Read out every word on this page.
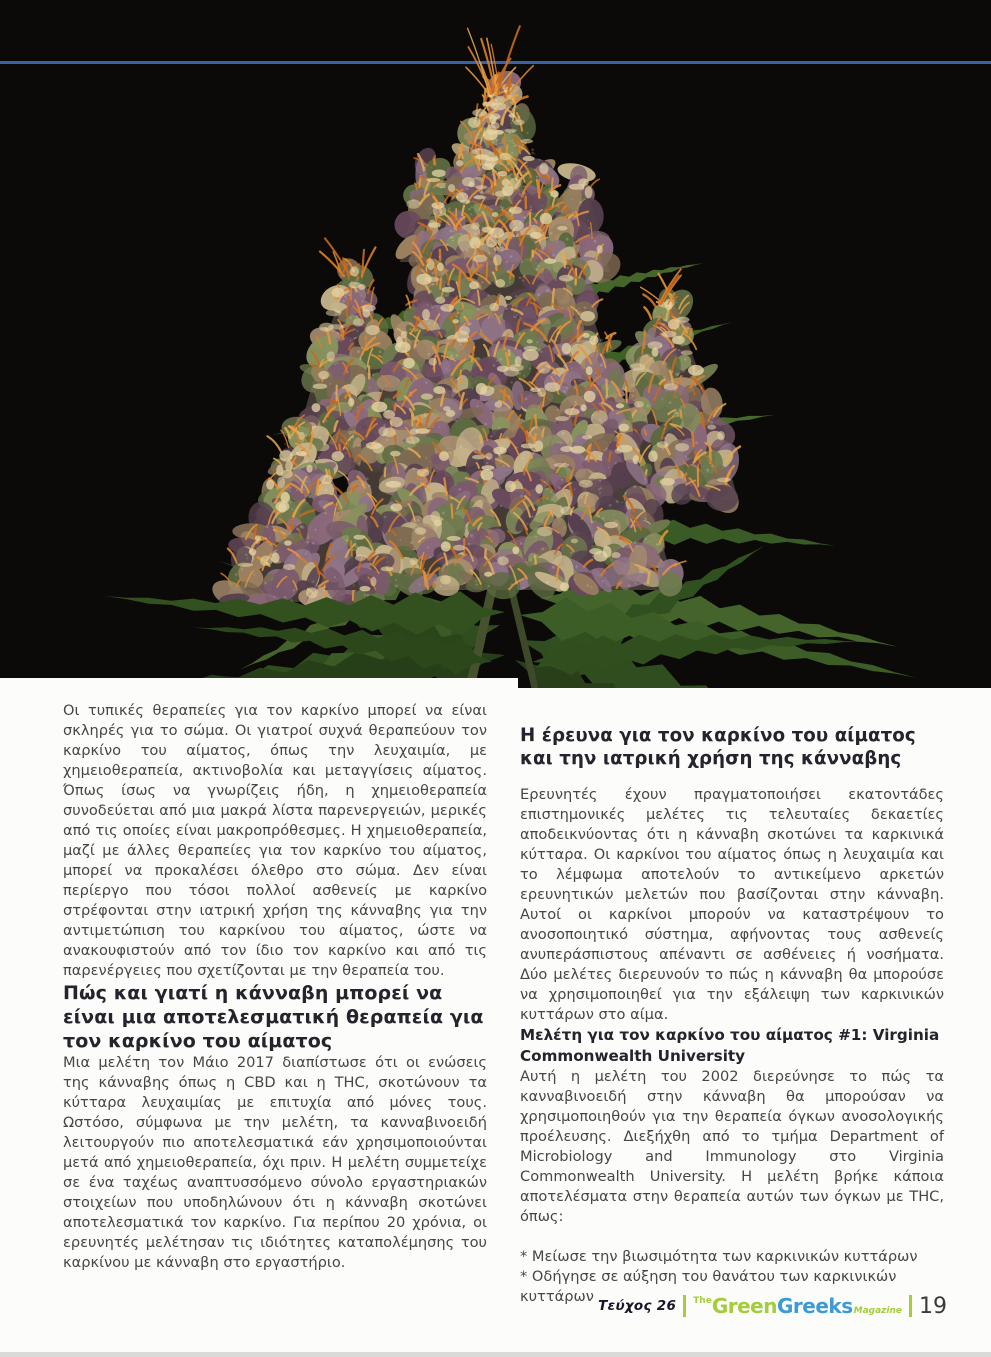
Οι τυπικές θεραπείες για τον καρκίνο μπορεί να είναι σκληρές για το σώμα. Οι γιατροί συχνά θεραπεύουν τον καρκίνο του αίματος, όπως την λευχαιμία, με χημειοθεραπεία, ακτινοβολία και μεταγγίσεις αίματος. Όπως ίσως να γνωρίζεις ήδη, η χημειοθεραπεία συνοδεύεται από μια μακρά λίστα παρενεργειών, μερικές από τις οποίες είναι μακροπρόθεσμες. Η χημειοθεραπεία, μαζί με άλλες θεραπείες για τον καρκίνο του αίματος, μπορεί να προκαλέσει όλεθρο στο σώμα. Δεν είναι περίεργο που τόσοι πολλοί ασθενείς με καρκίνο στρέφονται στην ιατρική χρήση της κάνναβης για την αντιμετώπιση του καρκίνου του αίματος, ώστε να ανακουφιστούν από τον ίδιο τον καρκίνο και από τις παρενέργειες που σχετίζονται με την θεραπεία του.

Πώς και γιατί η κάνναβη μπορεί να είναι μια αποτελεσματική θεραπεία για τον καρκίνο του αίματος

Μια μελέτη τον Μάιο 2017 διαπίστωσε ότι οι ενώσεις της κάνναβης όπως η CBD και η THC, σκοτώνουν τα κύτταρα λευχαιμίας με επιτυχία από μόνες τους. Ωστόσο, σύμφωνα με την μελέτη, τα κανναβινοειδή λειτουργούν πιο αποτελεσματικά εάν χρησιμοποιούνται μετά από χημειοθεραπεία, όχι πριν. Η μελέτη συμμετείχε σε ένα ταχέως αναπτυσσόμενο σύνολο εργαστηριακών στοιχείων που υποδηλώνουν ότι η κάνναβη σκοτώνει αποτελεσματικά τον καρκίνο. Για περίπου 20 χρόνια, οι ερευνητές μελέτησαν τις ιδιότητες καταπολέμησης του καρκίνου με κάνναβη στο εργαστήριο.

Η έρευνα για τον καρκίνο του αίματος και την ιατρική χρήση της κάνναβης

Ερευνητές έχουν πραγματοποιήσει εκατοντάδες επιστημονικές μελέτες τις τελευταίες δεκαετίες αποδεικνύοντας ότι η κάνναβη σκοτώνει τα καρκινικά κύτταρα. Οι καρκίνοι του αίματος όπως η λευχαιμία και το λέμφωμα αποτελούν το αντικείμενο αρκετών ερευνητικών μελετών που βασίζονται στην κάνναβη. Αυτοί οι καρκίνοι μπορούν να καταστρέψουν το ανοσοποιητικό σύστημα, αφήνοντας τους ασθενείς ανυπεράσπιστους απέναντι σε ασθένειες ή νοσήματα. Δύο μελέτες διερευνούν το πώς η κάνναβη θα μπορούσε να χρησιμοποιηθεί για την εξάλειψη των καρκινικών κυττάρων στο αίμα.

Μελέτη για τον καρκίνο του αίματος #1: Virginia Commonwealth University

Αυτή η μελέτη του 2002 διερεύνησε το πώς τα κανναβινοειδή στην κάνναβη θα μπορούσαν να χρησιμοποιηθούν για την θεραπεία όγκων ανοσολογικής προέλευσης. Διεξήχθη από το τμήμα Department of Microbiology and Immunology στο Virginia Commonwealth University. Η μελέτη βρήκε κάποια αποτελέσματα στην θεραπεία αυτών των όγκων με THC, όπως:

* Μείωσε την βιωσιμότητα των καρκινικών κυττάρων

* Οδήγησε σε αύξηση του θανάτου των καρκινικών κυττάρων

Τεύχος 26 The Green Greeks Magazine 19
